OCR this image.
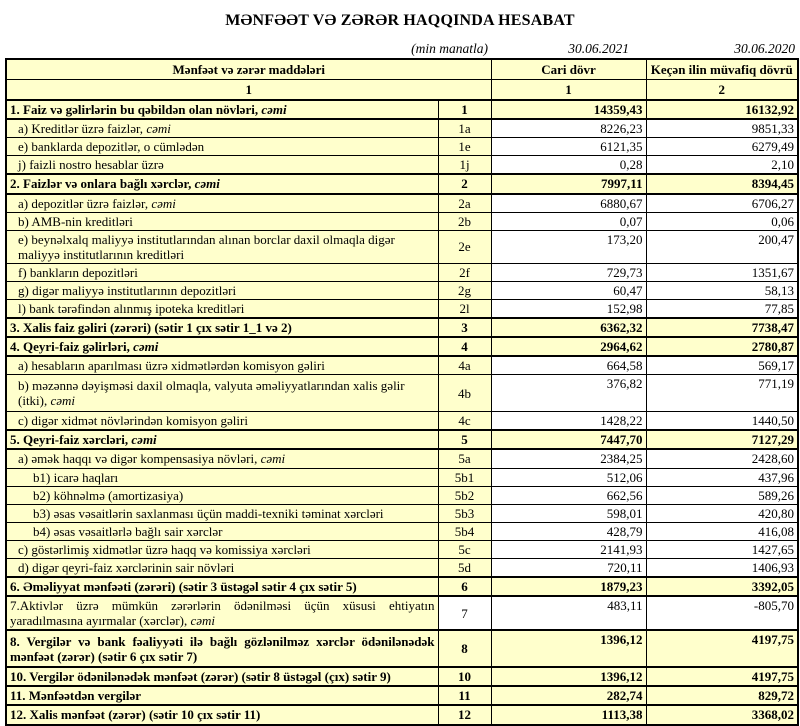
MƏNFƏƏT VƏ ZƏRƏR HAQQINDA HESABAT
(min manatla)	30.06.2021	30.06.2020
Mənfəət və zərər maddələri		Cari dövr	Keçən ilin müvafiq dövrü
1		1	2
1. Faiz və gəlirlərin bu qəbildən olan növləri, cəmi	1	14359,43	16132,92
a) Kreditlər üzrə faizlər, cəmi	1a	8226,23	9851,33
e) banklarda depozitlər, o cümlədən	1e	6121,35	6279,49
j) faizli nostro hesablar üzrə	1j	0,28	2,10
2. Faizlər və onlara bağlı xərclər, cəmi	2	7997,11	8394,45
a) depozitlər üzrə faizlər, cəmi	2a	6880,67	6706,27
b) AMB-nin kreditləri	2b	0,07	0,06
e) beynəlxalq maliyyə institutlarından alınan borclar daxil olmaqla digər maliyyə institutlarının kreditləri	2e	173,20	200,47
f) bankların depozitləri	2f	729,73	1351,67
g) digər maliyyə institutlarının depozitləri	2g	60,47	58,13
l) bank tərəfindən alınmış ipoteka kreditləri	2l	152,98	77,85
3. Xalis faiz gəliri (zərəri) (sətir 1 çıx sətir 1_1 və 2)	3	6362,32	7738,47
4. Qeyri-faiz gəlirləri, cəmi	4	2964,62	2780,87
a) hesabların aparılması üzrə xidmətlərdən komisyon gəliri	4a	664,58	569,17
b) məzənnə dəyişməsi daxil olmaqla, valyuta əməliyyatlarından xalis gəlir (itki), cəmi	4b	376,82	771,19
c) digər xidmət növlərindən komisyon gəliri	4c	1428,22	1440,50
5. Qeyri-faiz xərcləri, cəmi	5	7447,70	7127,29
a) əmək haqqı və digər kompensasiya növləri, cəmi	5a	2384,25	2428,60
b1) icarə haqları	5b1	512,06	437,96
b2) köhnəlmə (amortizasiya)	5b2	662,56	589,26
b3) əsas vəsaitlərin saxlanması üçün maddi-texniki təminat xərcləri	5b3	598,01	420,80
b4) əsas vəsaitlərlə bağlı sair xərclər	5b4	428,79	416,08
c) göstərlimiş xidmətlər üzrə haqq və komissiya xərcləri	5c	2141,93	1427,65
d) digər qeyri-faiz xərclərinin sair növləri	5d	720,11	1406,93
6. Əməliyyat mənfəəti (zərəri) (sətir 3 üstəgəl sətir 4 çıx sətir 5)	6	1879,23	3392,05
7.Aktivlər üzrə mümkün zərərlərin ödənilməsi üçün xüsusi ehtiyatın yaradılmasına ayırmalar (xərclər), cəmi	7	483,11	-805,70
8. Vergilər və bank fəaliyyəti ilə bağlı gözlənilməz xərclər ödənilənədək mənfəət (zərər) (sətir 6 çıx sətir 7)	8	1396,12	4197,75
10. Vergilər ödənilənədək mənfəət (zərər) (sətir 8 üstəgəl (çıx) sətir 9)	10	1396,12	4197,75
11. Mənfəətdən vergilər	11	282,74	829,72
12. Xalis mənfəət (zərər) (sətir 10 çıx sətir 11)	12	1113,38	3368,02
